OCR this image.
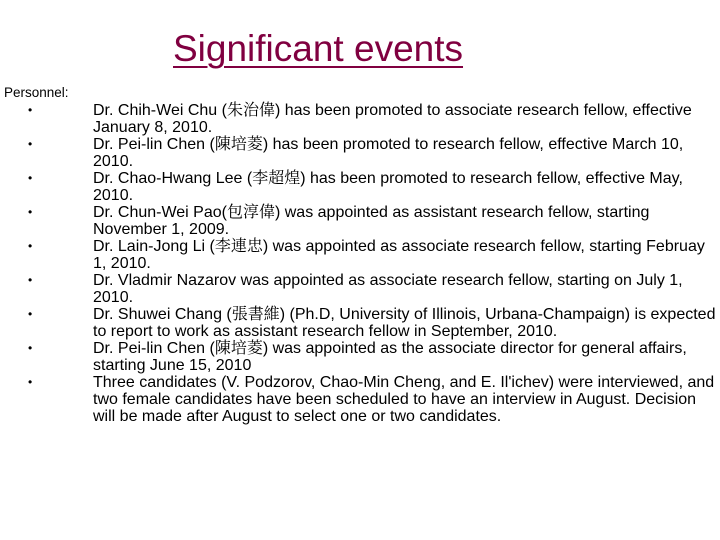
Significant events
Personnel:
•	Dr. Chih-Wei Chu (朱治偉) has been promoted to associate research fellow, effective January 8, 2010.
•	Dr. Pei-lin Chen (陳培菱) has been promoted to research fellow, effective March 10, 2010.
•	Dr. Chao-Hwang Lee (李超煌) has been promoted to research fellow, effective May, 2010.
•	Dr. Chun-Wei Pao(包淳偉) was appointed as assistant research fellow, starting November 1, 2009.
•	Dr. Lain-Jong Li (李連忠) was appointed as associate research fellow, starting Februay 1, 2010.
•	Dr. Vladmir Nazarov was appointed as associate research fellow, starting on July 1, 2010.
•	Dr. Shuwei Chang (張書維) (Ph.D, University of Illinois, Urbana-Champaign) is expected to report to work as assistant research fellow in September, 2010.
•	Dr. Pei-lin Chen (陳培菱) was appointed as the associate director for general affairs, starting June 15, 2010
•	Three candidates (V. Podzorov, Chao-Min Cheng, and E. Il'ichev) were interviewed, and two female candidates have been scheduled to have an interview in August. Decision will be made after August to select one or two candidates.
